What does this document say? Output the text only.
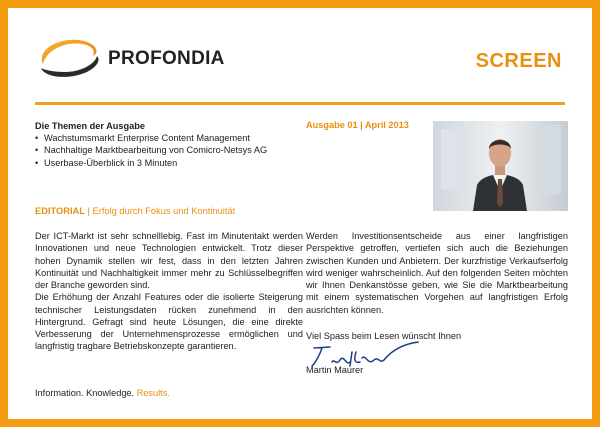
PROFONDIA	SCREEN
Die Themen der Ausgabe
• Wachstumsmarkt Enterprise Content Management
• Nachhaltige Marktbearbeitung von Comicro-Netsys AG
• Userbase-Überblick in 3 Minuten
Ausgabe 01 | April 2013
EDITORIAL | Erfolg durch Fokus und Kontinuität

Der ICT-Markt ist sehr schnelllebig. Fast im Minutentakt werden Innovationen und neue Technologien entwickelt. Trotz dieser hohen Dynamik stellen wir fest, dass in den letzten Jahren Kontinuität und Nachhaltigkeit immer mehr zu Schlüsselbegriffen der Branche geworden sind.

Die Erhöhung der Anzahl Features oder die isolierte Steigerung technischer Leistungsdaten rücken zunehmend in den Hintergrund. Gefragt sind heute Lösungen, die eine direkte Verbesserung der Unternehmensprozesse ermöglichen und langfristig tragbare Betriebskonzepte garantieren.

Werden Investitionsentscheide aus einer langfristigen Perspektive getroffen, vertiefen sich auch die Beziehungen zwischen Kunden und Anbietern. Der kurzfristige Verkaufserfolg wird weniger wahrscheinlich. Auf den folgenden Seiten möchten wir Ihnen Denkanstösse geben, wie Sie die Marktbearbeitung mit einem systematischen Vorgehen auf langfristigen Erfolg ausrichten können.

Viel Spass beim Lesen wünscht Ihnen
Martin Maurer
Information. Knowledge. Results.
